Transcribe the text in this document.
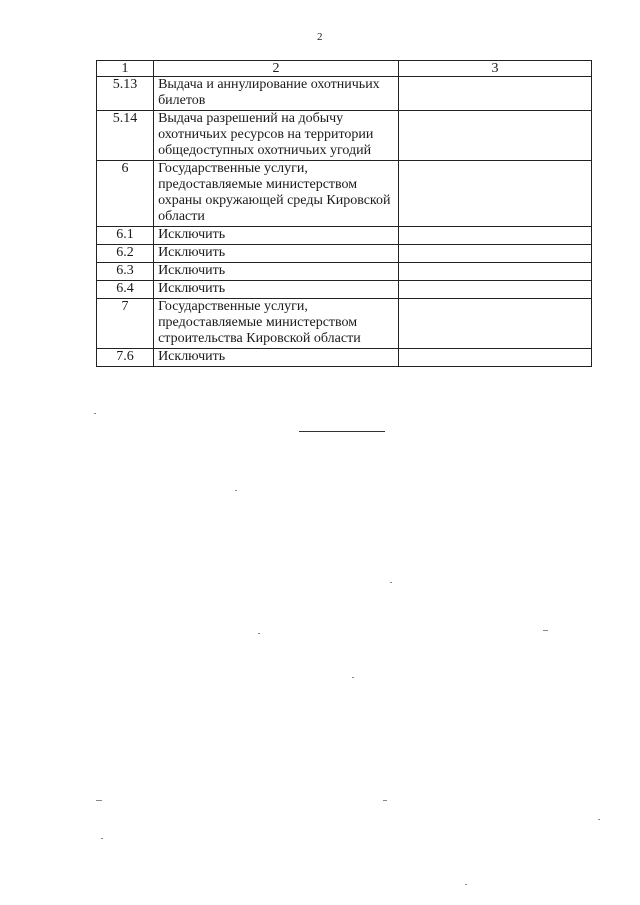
2
1	2	3
5.13	Выдача и аннулирование охотничьих билетов	
5.14	Выдача разрешений на добычу охотничьих ресурсов на территории общедоступных охотничьих угодий	
6	Государственные услуги, предоставляемые министерством охраны окружающей среды Кировской области	
6.1	Исключить	
6.2	Исключить	
6.3	Исключить	
6.4	Исключить	
7	Государственные услуги, предоставляемые министерством строительства Кировской области	
7.6	Исключить	
